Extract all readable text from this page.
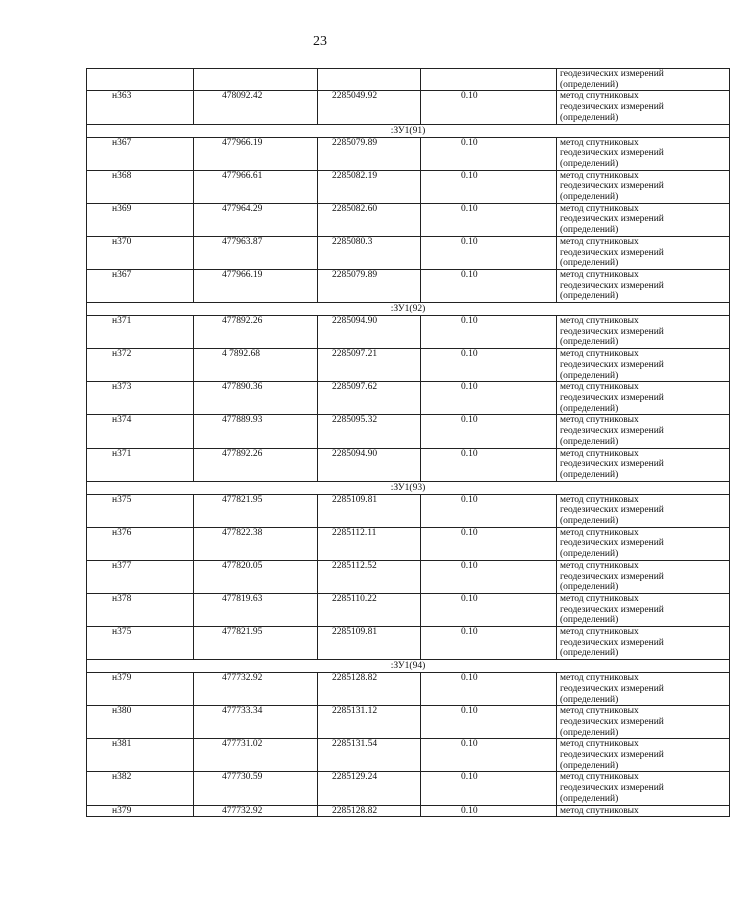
23

				геодезических измерений
(определений)

н363	478092.42	2285049.92	0.10	метод спутниковых
геодезических измерений
(определений)

:ЗУ1(91)				
н367	477966.19	2285079.89	0.10	метод спутниковых
геодезических измерений
(определений)

н368	477966.61	2285082.19	0.10	метод спутниковых
геодезических измерений
(определений)

н369	477964.29	2285082.60	0.10	метод спутниковых
геодезических измерений
(определений)

н370	477963.87	2285080.3	0.10	метод спутниковых
геодезических измерений
(определений)

н367	477966.19	2285079.89	0.10	метод спутниковых
геодезических измерений
(определений)

:ЗУ1(92)				
н371	477892.26	2285094.90	0.10	метод спутниковых
геодезических измерений
(определений)

н372	4 7892.68	2285097.21	0.10	метод спутниковых
геодезических измерений
(определений)

н373	477890.36	2285097.62	0.10	метод спутниковых
геодезических измерений
(определений)

н374	477889.93	2285095.32	0.10	метод спутниковых
геодезических измерений
(определений)

н371	477892.26	2285094.90	0.10	метод спутниковых
геодезических измерений
(определений)

:ЗУ1(93)				
н375	477821.95	2285109.81	0.10	метод спутниковых
геодезических измерений
(определений)

н376	477822.38	2285112.11	0.10	метод спутниковых
геодезических измерений
(определений)

н377	477820.05	2285112.52	0.10	метод спутниковых
геодезических измерений
(определений)

н378	477819.63	2285110.22	0.10	метод спутниковых
геодезических измерений
(определений)

н375	477821.95	2285109.81	0.10	метод спутниковых
геодезических измерений
(определений)

:ЗУ1(94)				
н379	477732.92	2285128.82	0.10	метод спутниковых
геодезических измерений
(определений)

н380	477733.34	2285131.12	0.10	метод спутниковых
геодезических измерений
(определений)

н381	477731.02	2285131.54	0.10	метод спутниковых
геодезических измерений
(определений)

н382	477730.59	2285129.24	0.10	метод спутниковых
геодезических измерений
(определений)

н379	477732.92	2285128.82	0.10	метод спутниковых
